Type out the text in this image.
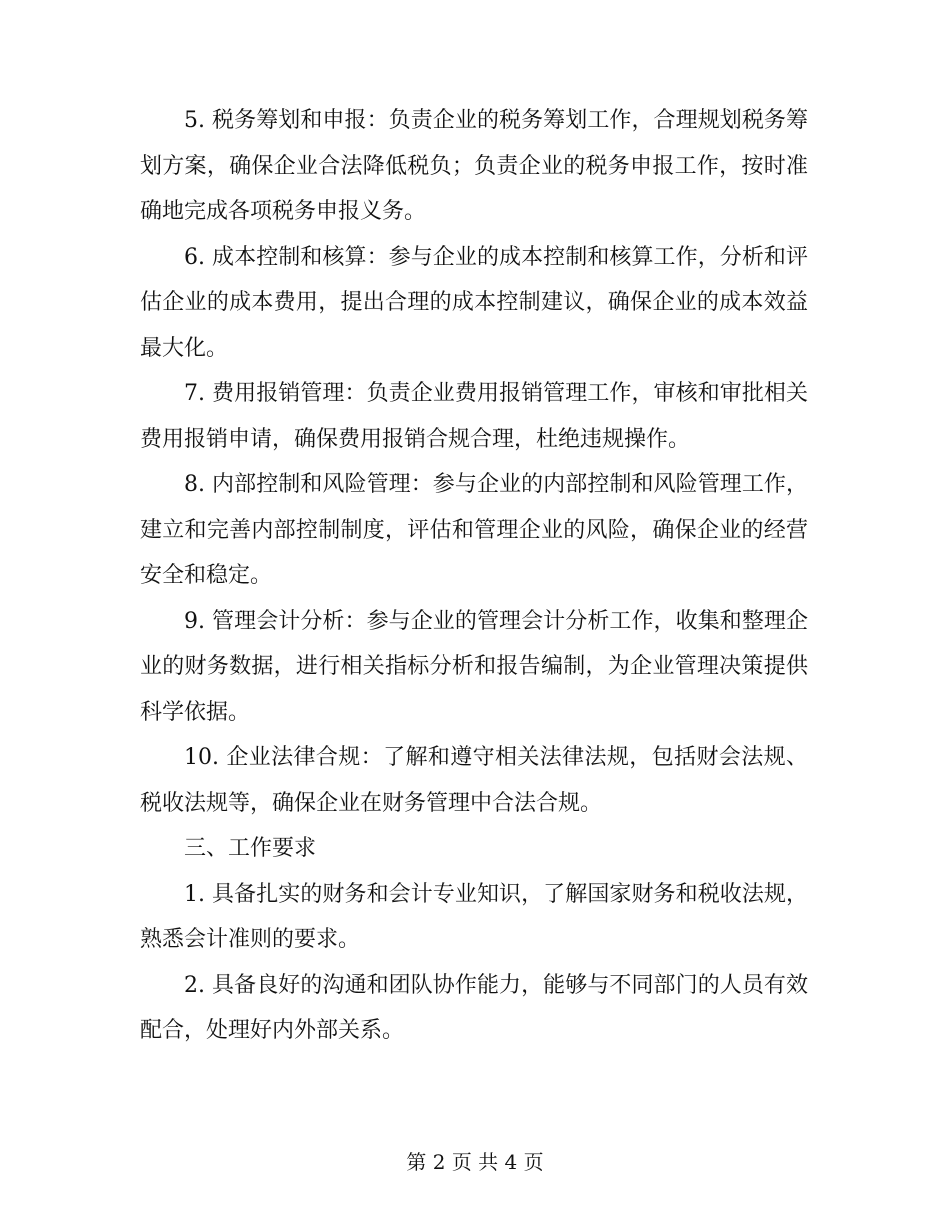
5. 税务筹划和申报：负责企业的税务筹划工作，合理规划税务筹划方案，确保企业合法降低税负；负责企业的税务申报工作，按时准确地完成各项税务申报义务。

6. 成本控制和核算：参与企业的成本控制和核算工作，分析和评估企业的成本费用，提出合理的成本控制建议，确保企业的成本效益最大化。

7. 费用报销管理：负责企业费用报销管理工作，审核和审批相关费用报销申请，确保费用报销合规合理，杜绝违规操作。

8. 内部控制和风险管理：参与企业的内部控制和风险管理工作，建立和完善内部控制制度，评估和管理企业的风险，确保企业的经营安全和稳定。

9. 管理会计分析：参与企业的管理会计分析工作，收集和整理企业的财务数据，进行相关指标分析和报告编制，为企业管理决策提供科学依据。

10. 企业法律合规：了解和遵守相关法律法规，包括财会法规、税收法规等，确保企业在财务管理中合法合规。

三、工作要求

1. 具备扎实的财务和会计专业知识，了解国家财务和税收法规，熟悉会计准则的要求。

2. 具备良好的沟通和团队协作能力，能够与不同部门的人员有效配合，处理好内外部关系。

第 2 页 共 4 页
